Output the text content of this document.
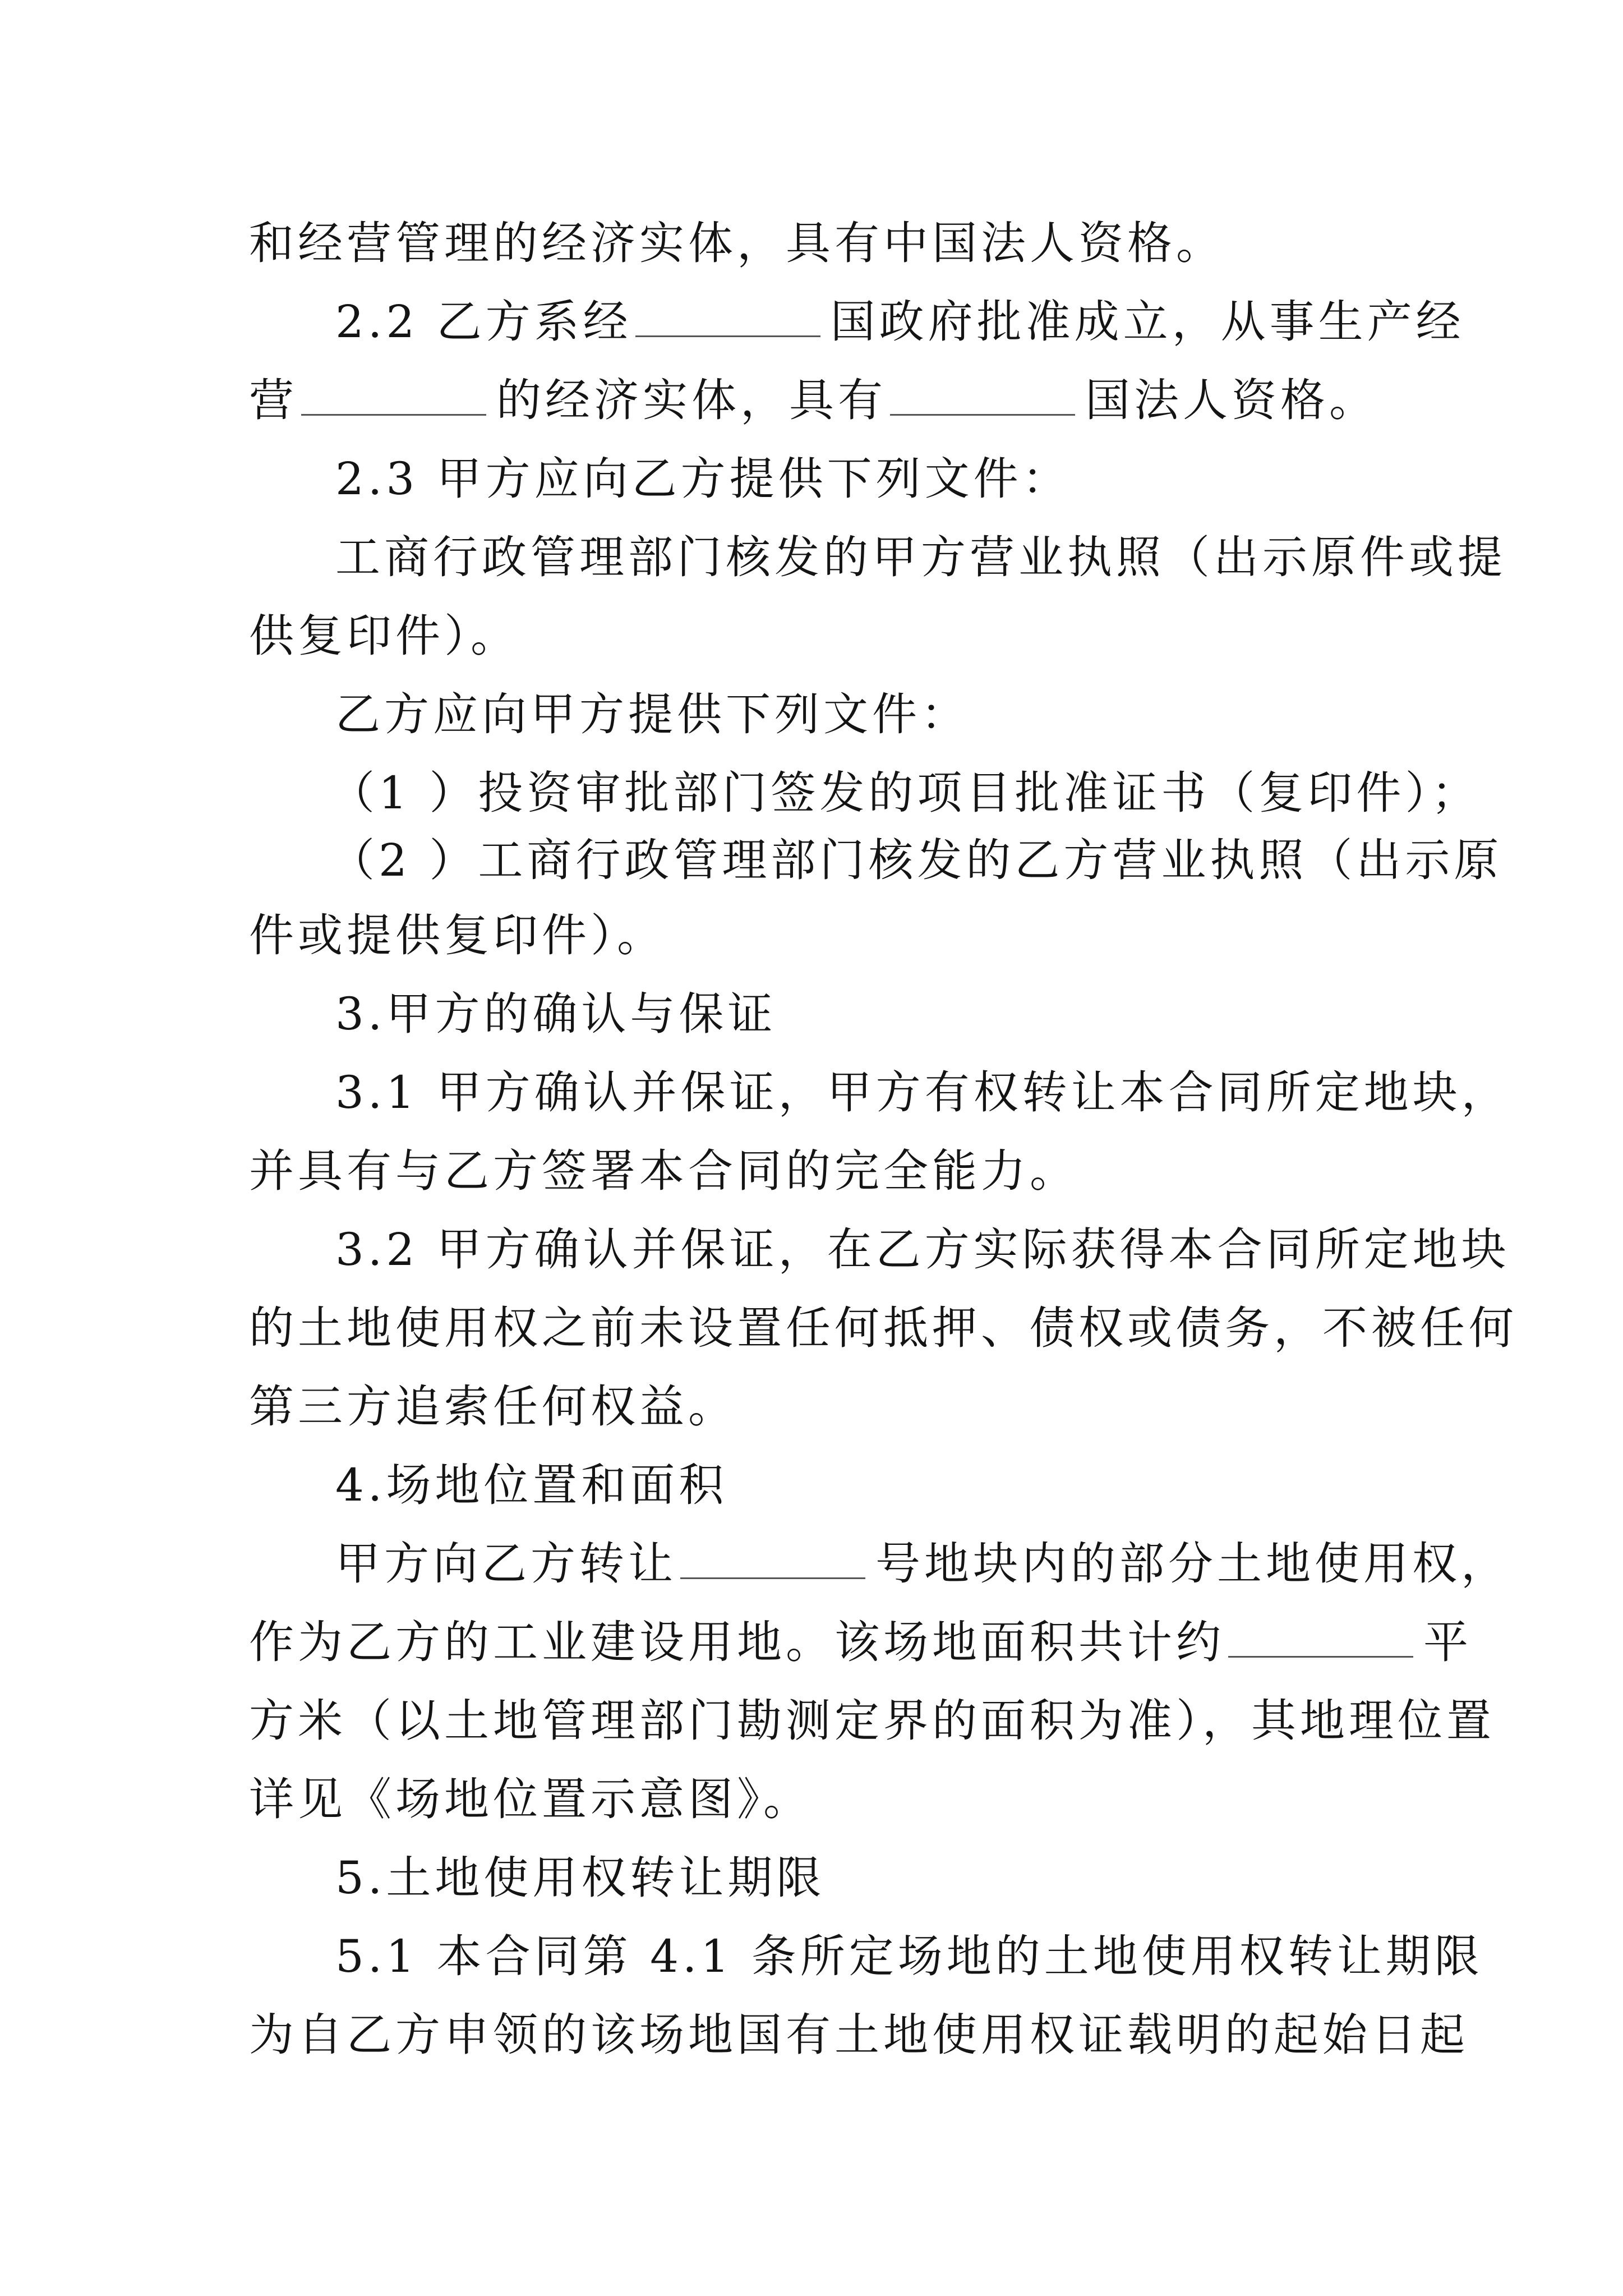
和经营管理的经济实体，具有中国法人资格。
2.2 乙方系经	国政府批准成立，从事生产经
营	的经济实体，具有	国法人资格。
2.3 甲方应向乙方提供下列文件：
工商行政管理部门核发的甲方营业执照（出示原件或提
供复印件）。
乙方应向甲方提供下列文件：
（1 ）投资审批部门签发的项目批准证书（复印件）；
（2 ）工商行政管理部门核发的乙方营业执照（出示原
件或提供复印件）。
3.甲方的确认与保证
3.1 甲方确认并保证，甲方有权转让本合同所定地块，
并具有与乙方签署本合同的完全能力。
3.2 甲方确认并保证，在乙方实际获得本合同所定地块
的土地使用权之前未设置任何抵押、债权或债务，不被任何
第三方追索任何权益。
4.场地位置和面积
甲方向乙方转让	号地块内的部分土地使用权，
作为乙方的工业建设用地。该场地面积共计约	平
方米（以土地管理部门勘测定界的面积为准），其地理位置
详见《场地位置示意图》。
5.土地使用权转让期限
5.1 本合同第 4.1 条所定场地的土地使用权转让期限
为自乙方申领的该场地国有土地使用权证载明的起始日起
